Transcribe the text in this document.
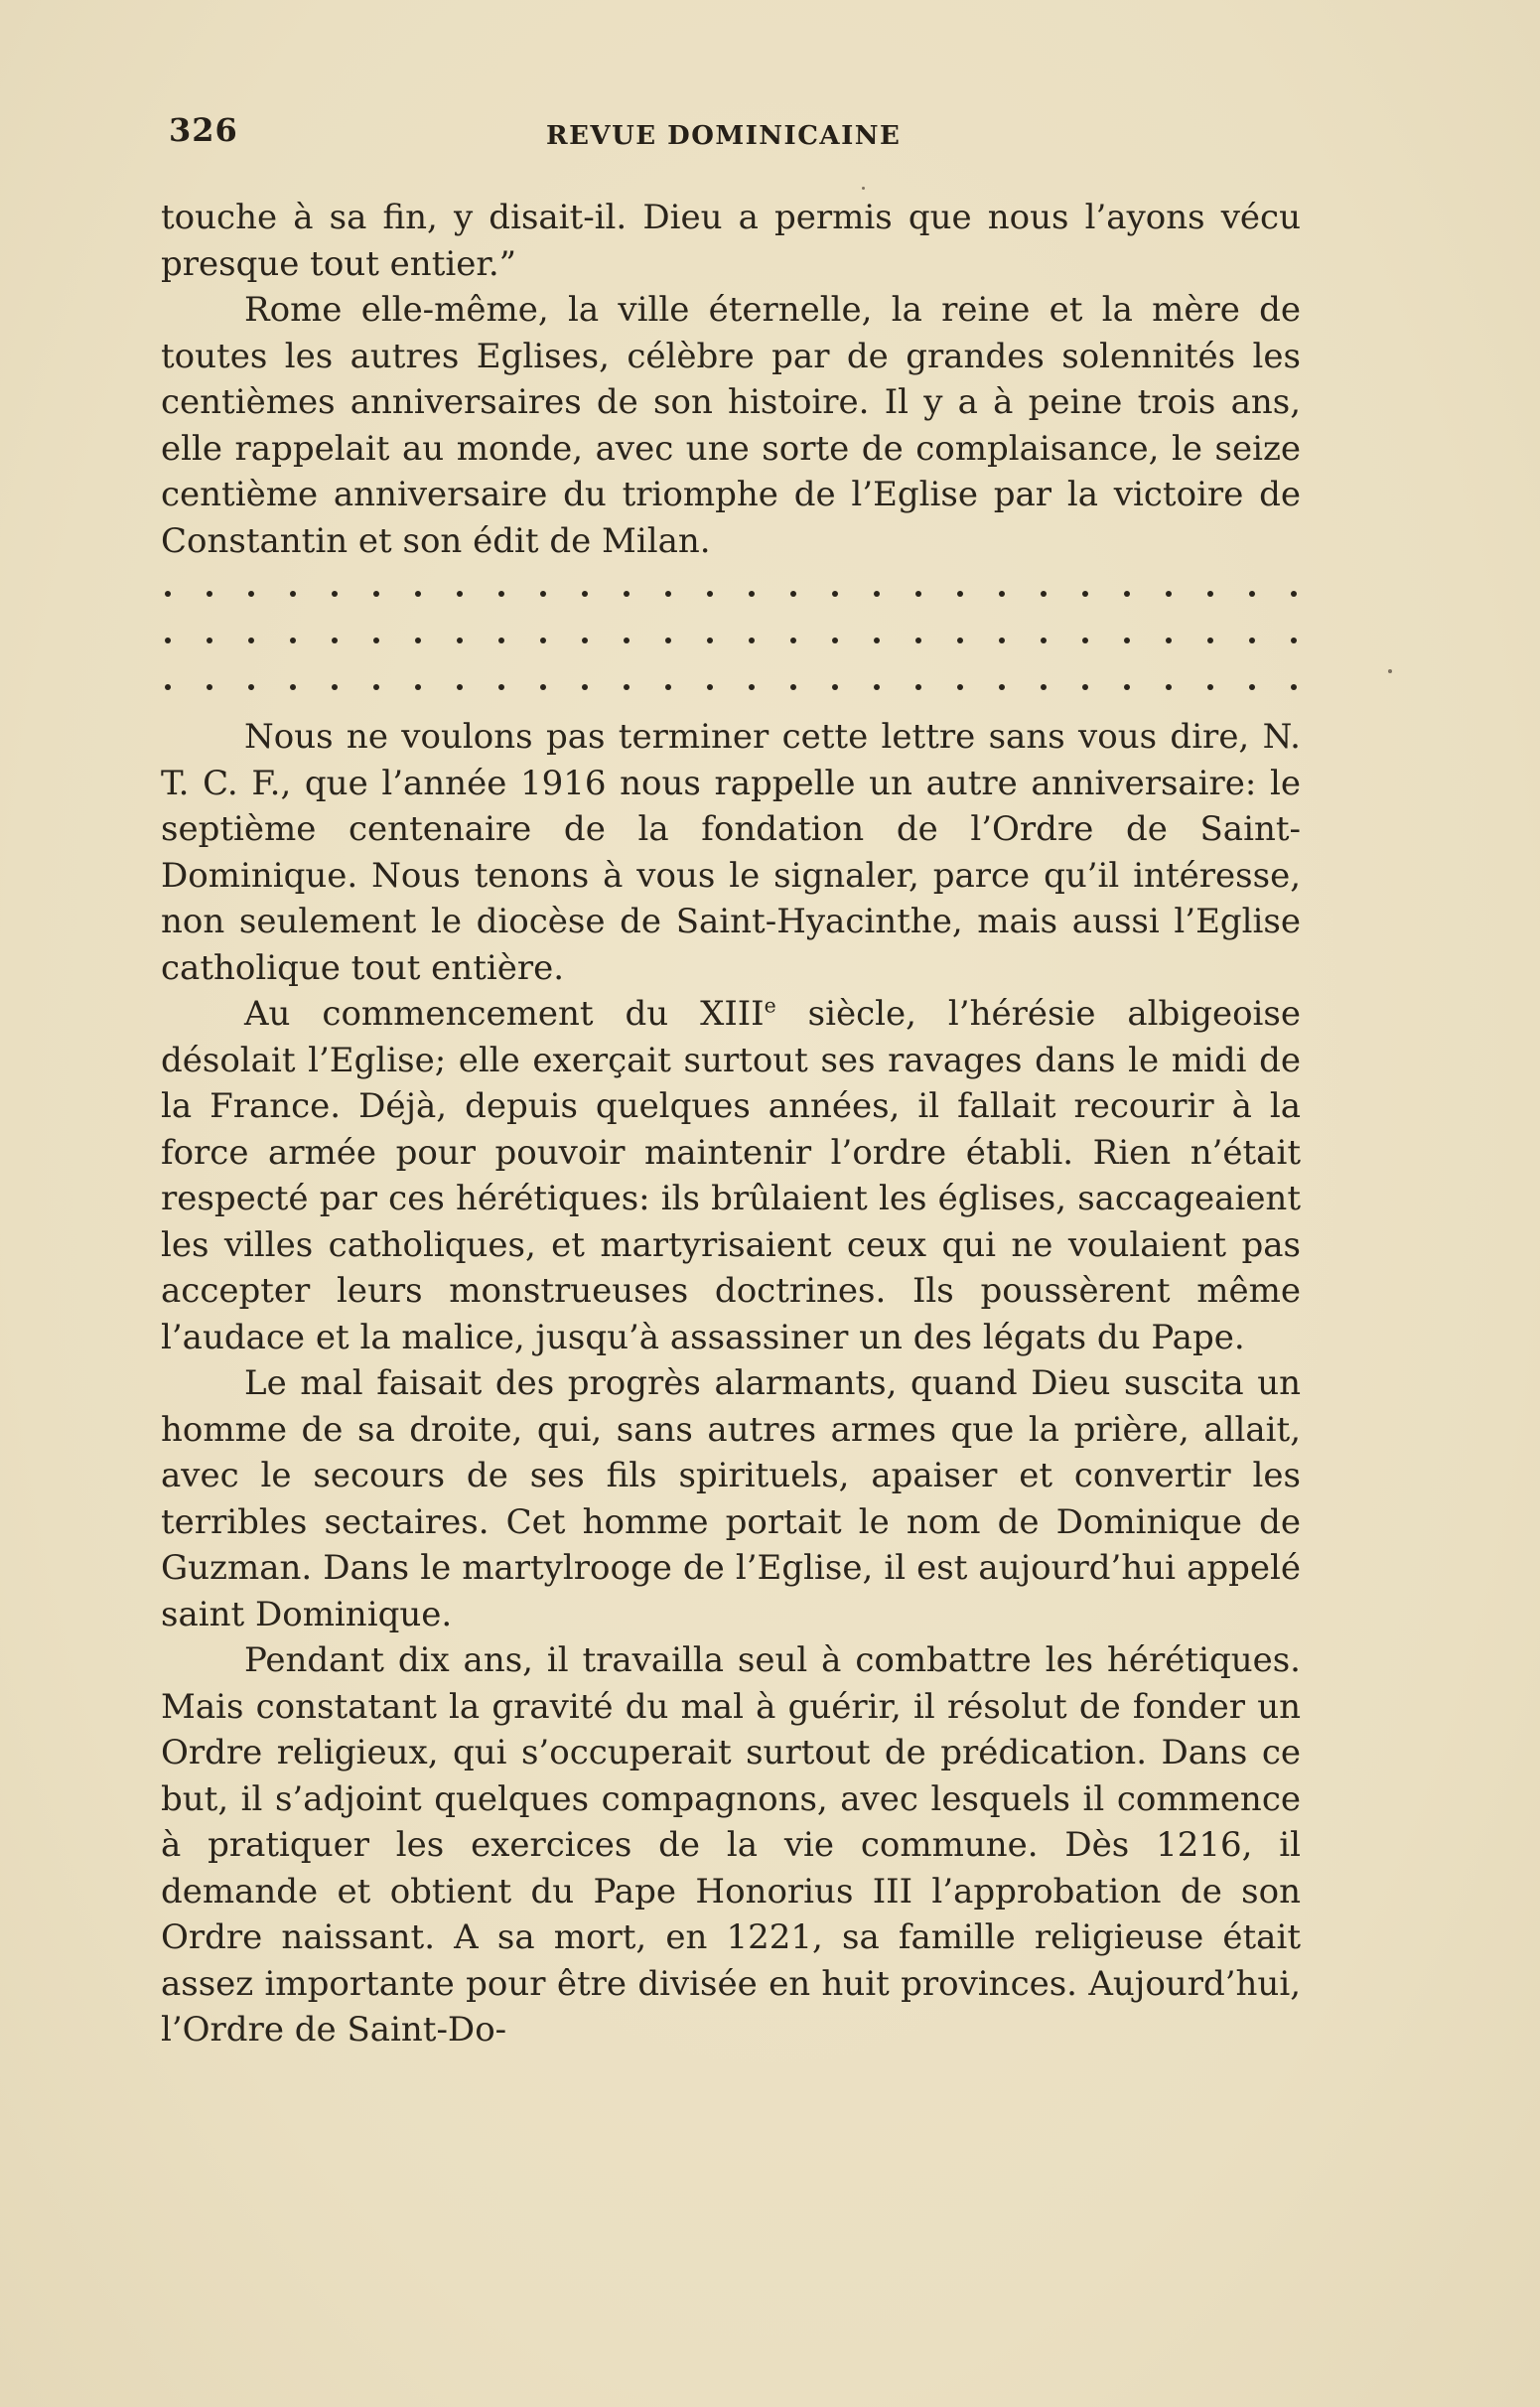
326	REVUE DOMINICAINE

touche à sa fin, y disait-il. Dieu a permis que nous l’ayons vécu presque tout entier.”

Rome elle-même, la ville éternelle, la reine et la mère de toutes les autres Eglises, célèbre par de grandes solennités les centièmes anniversaires de son histoire. Il y a à peine trois ans, elle rappelait au monde, avec une sorte de complaisance, le seize centième anniversaire du triomphe de l’Eglise par la victoire de Constantin et son édit de Milan.

Nous ne voulons pas terminer cette lettre sans vous dire, N. T. C. F., que l’année 1916 nous rappelle un autre anniversaire: le septième centenaire de la fondation de l’Ordre de Saint-Dominique. Nous tenons à vous le signaler, parce qu’il intéresse, non seulement le diocèse de Saint-Hyacinthe, mais aussi l’Eglise catholique tout entière.

Au commencement du XIIIe siècle, l’hérésie albigeoise désolait l’Eglise; elle exerçait surtout ses ravages dans le midi de la France. Déjà, depuis quelques années, il fallait recourir à la force armée pour pouvoir maintenir l’ordre établi. Rien n’était respecté par ces hérétiques: ils brûlaient les églises, saccageaient les villes catholiques, et martyrisaient ceux qui ne voulaient pas accepter leurs monstrueuses doctrines. Ils poussèrent même l’audace et la malice, jusqu’à assassiner un des légats du Pape.

Le mal faisait des progrès alarmants, quand Dieu suscita un homme de sa droite, qui, sans autres armes que la prière, allait, avec le secours de ses fils spirituels, apaiser et convertir les terribles sectaires. Cet homme portait le nom de Dominique de Guzman. Dans le martylrooge de l’Eglise, il est aujourd’hui appelé saint Dominique.

Pendant dix ans, il travailla seul à combattre les hérétiques. Mais constatant la gravité du mal à guérir, il résolut de fonder un Ordre religieux, qui s’occuperait surtout de prédication. Dans ce but, il s’adjoint quelques compagnons, avec lesquels il commence à pratiquer les exercices de la vie commune. Dès 1216, il demande et obtient du Pape Honorius III l’approbation de son Ordre naissant. A sa mort, en 1221, sa famille religieuse était assez importante pour être divisée en huit provinces. Aujourd’hui, l’Ordre de Saint-Do-
